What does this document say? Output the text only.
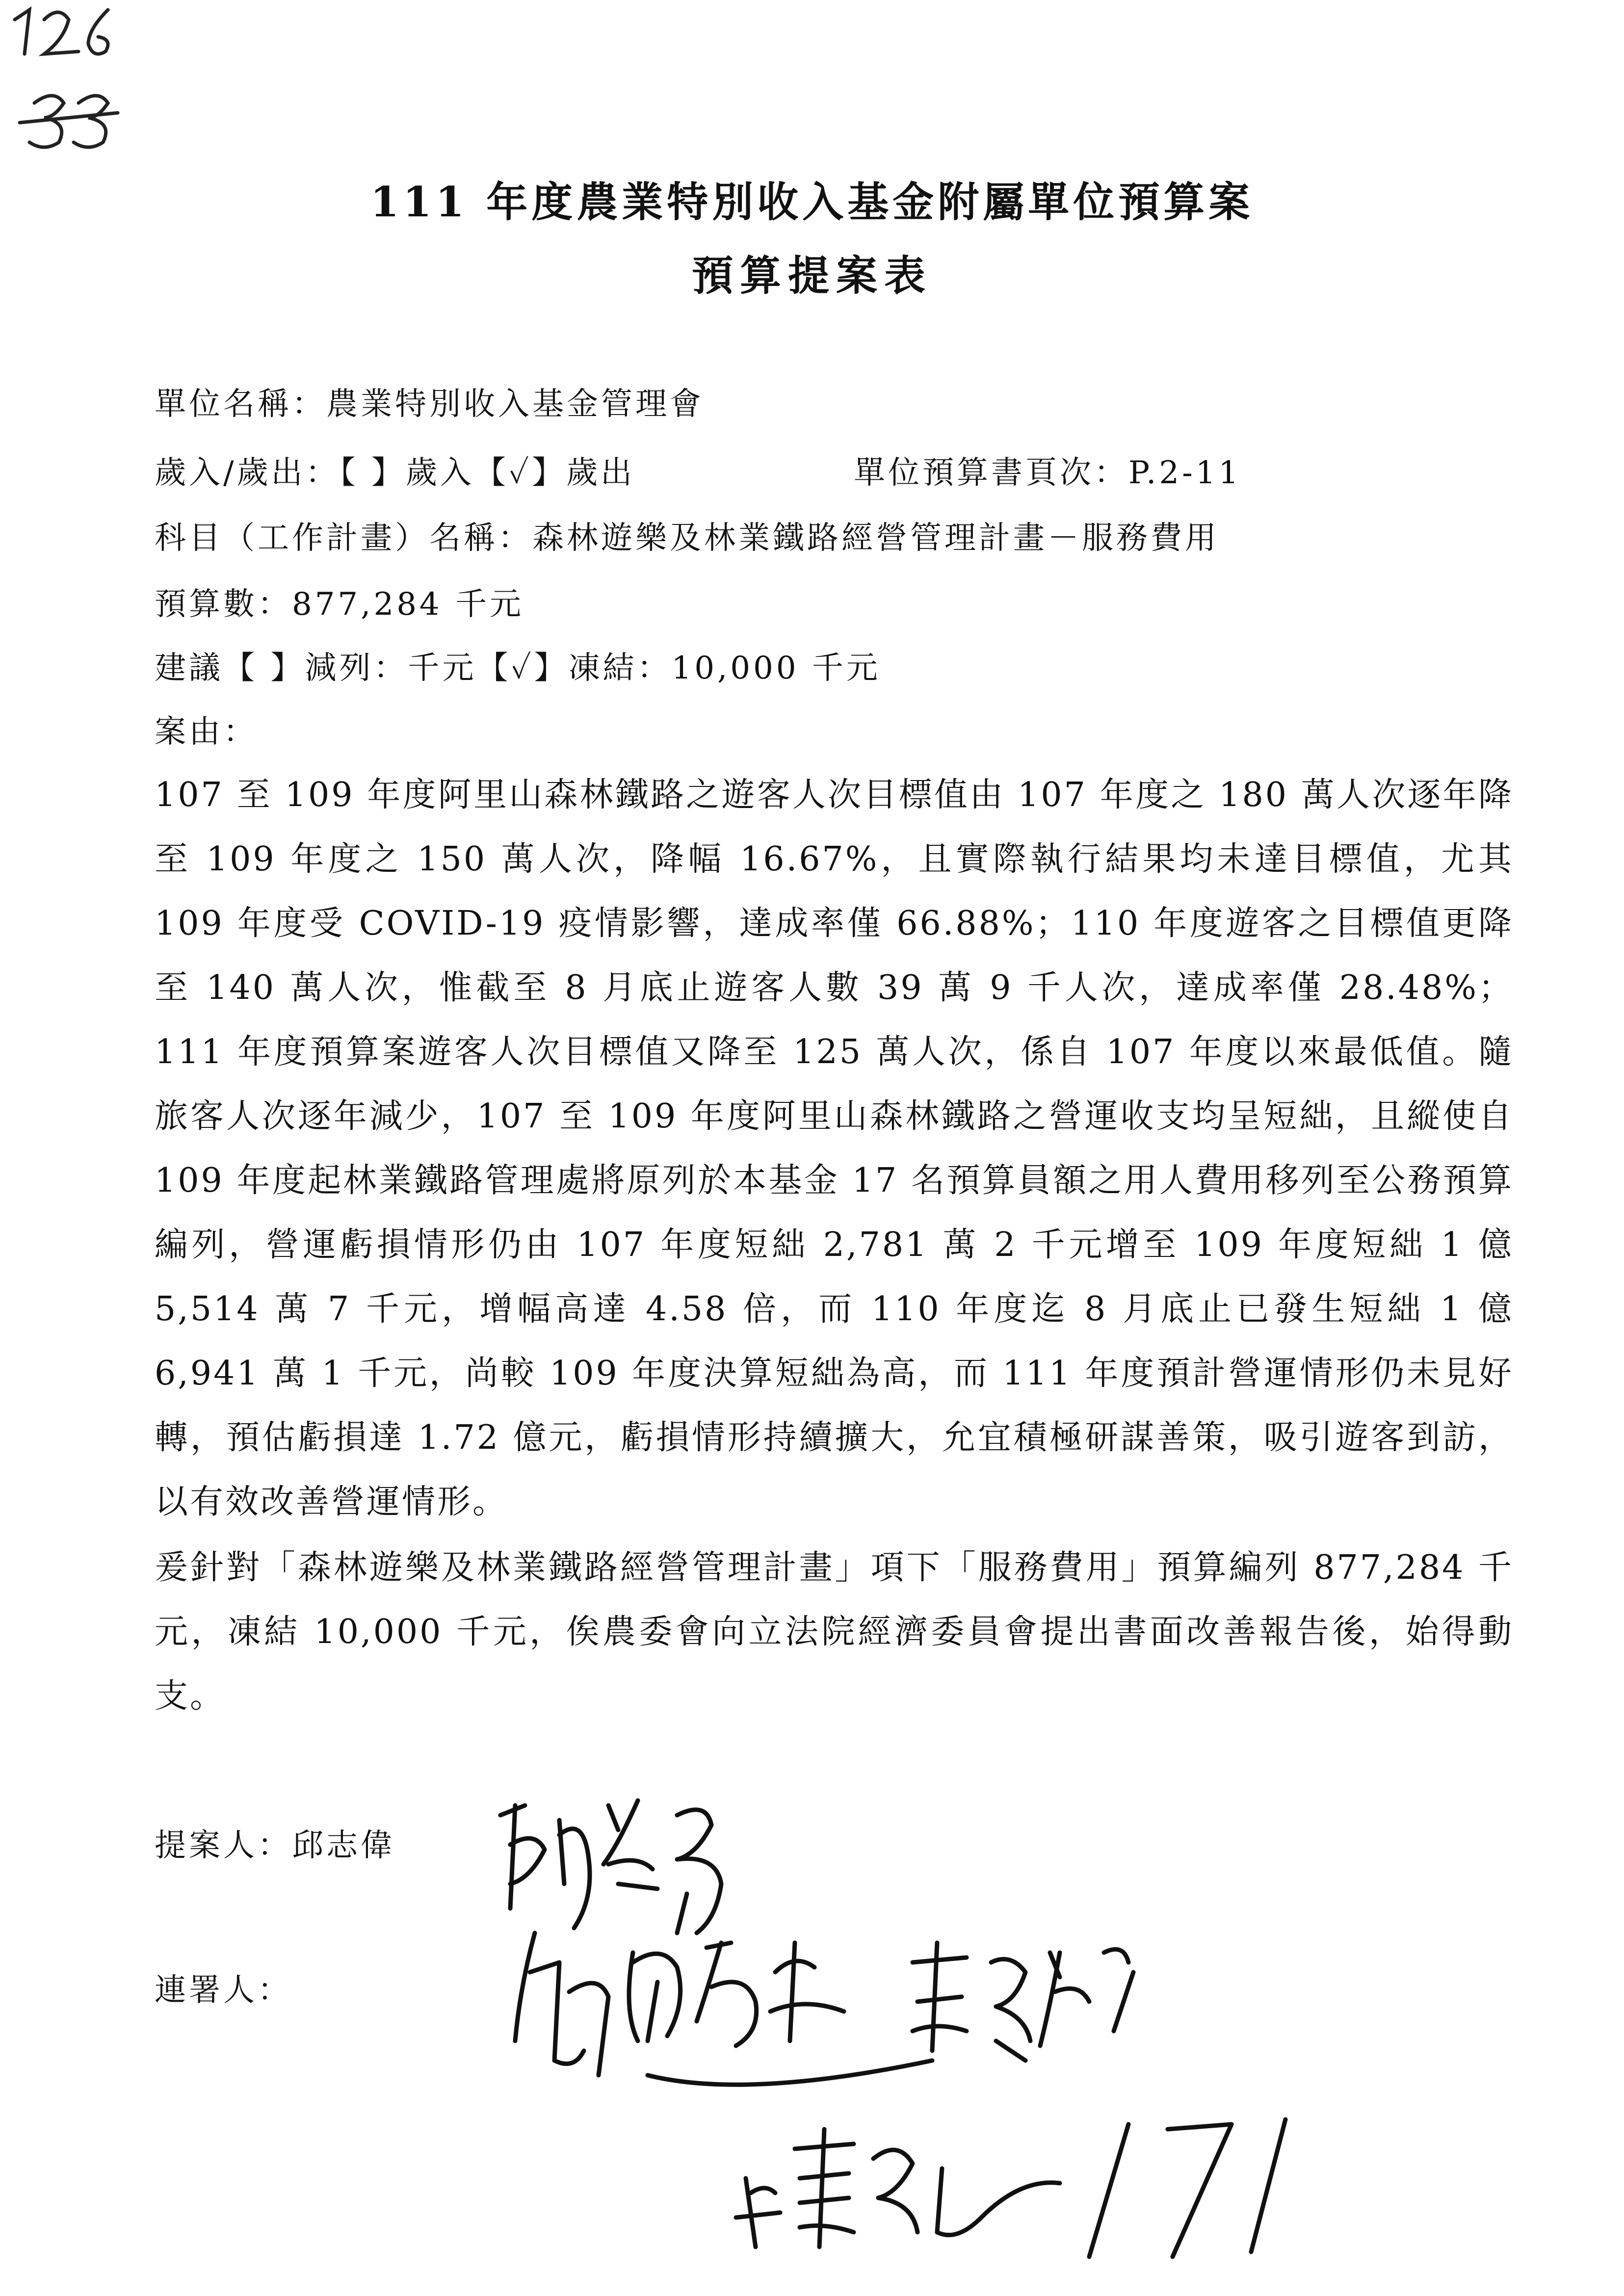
111 年度農業特別收入基金附屬單位預算案
預算提案表
單位名稱：農業特別收入基金管理會
歲入/歲出：【 】歲入【✓】歲出	單位預算書頁次：P.2-11
科目（工作計畫）名稱：森林遊樂及林業鐵路經營管理計畫－服務費用
預算數：877,284 千元
建議【 】減列：千元【✓】凍結：10,000 千元
案由：
107 至 109 年度阿里山森林鐵路之遊客人次目標值由 107 年度之 180 萬人次逐年降至 109 年度之 150 萬人次，降幅 16.67%，且實際執行結果均未達目標值，尤其 109 年度受 COVID-19 疫情影響，達成率僅 66.88%；110 年度遊客之目標值更降至 140 萬人次，惟截至 8 月底止遊客人數 39 萬 9 千人次，達成率僅 28.48%；111 年度預算案遊客人次目標值又降至 125 萬人次，係自 107 年度以來最低值。隨旅客人次逐年減少，107 至 109 年度阿里山森林鐵路之營運收支均呈短絀，且縱使自 109 年度起林業鐵路管理處將原列於本基金 17 名預算員額之用人費用移列至公務預算編列，營運虧損情形仍由 107 年度短絀 2,781 萬 2 千元增至 109 年度短絀 1 億 5,514 萬 7 千元，增幅高達 4.58 倍，而 110 年度迄 8 月底止已發生短絀 1 億 6,941 萬 1 千元，尚較 109 年度決算短絀為高，而 111 年度預計營運情形仍未見好轉，預估虧損達 1.72 億元，虧損情形持續擴大，允宜積極研謀善策，吸引遊客到訪，以有效改善營運情形。
爰針對「森林遊樂及林業鐵路經營管理計畫」項下「服務費用」預算編列 877,284 千元，凍結 10,000 千元，俟農委會向立法院經濟委員會提出書面改善報告後，始得動支。
提案人：邱志偉
連署人：
